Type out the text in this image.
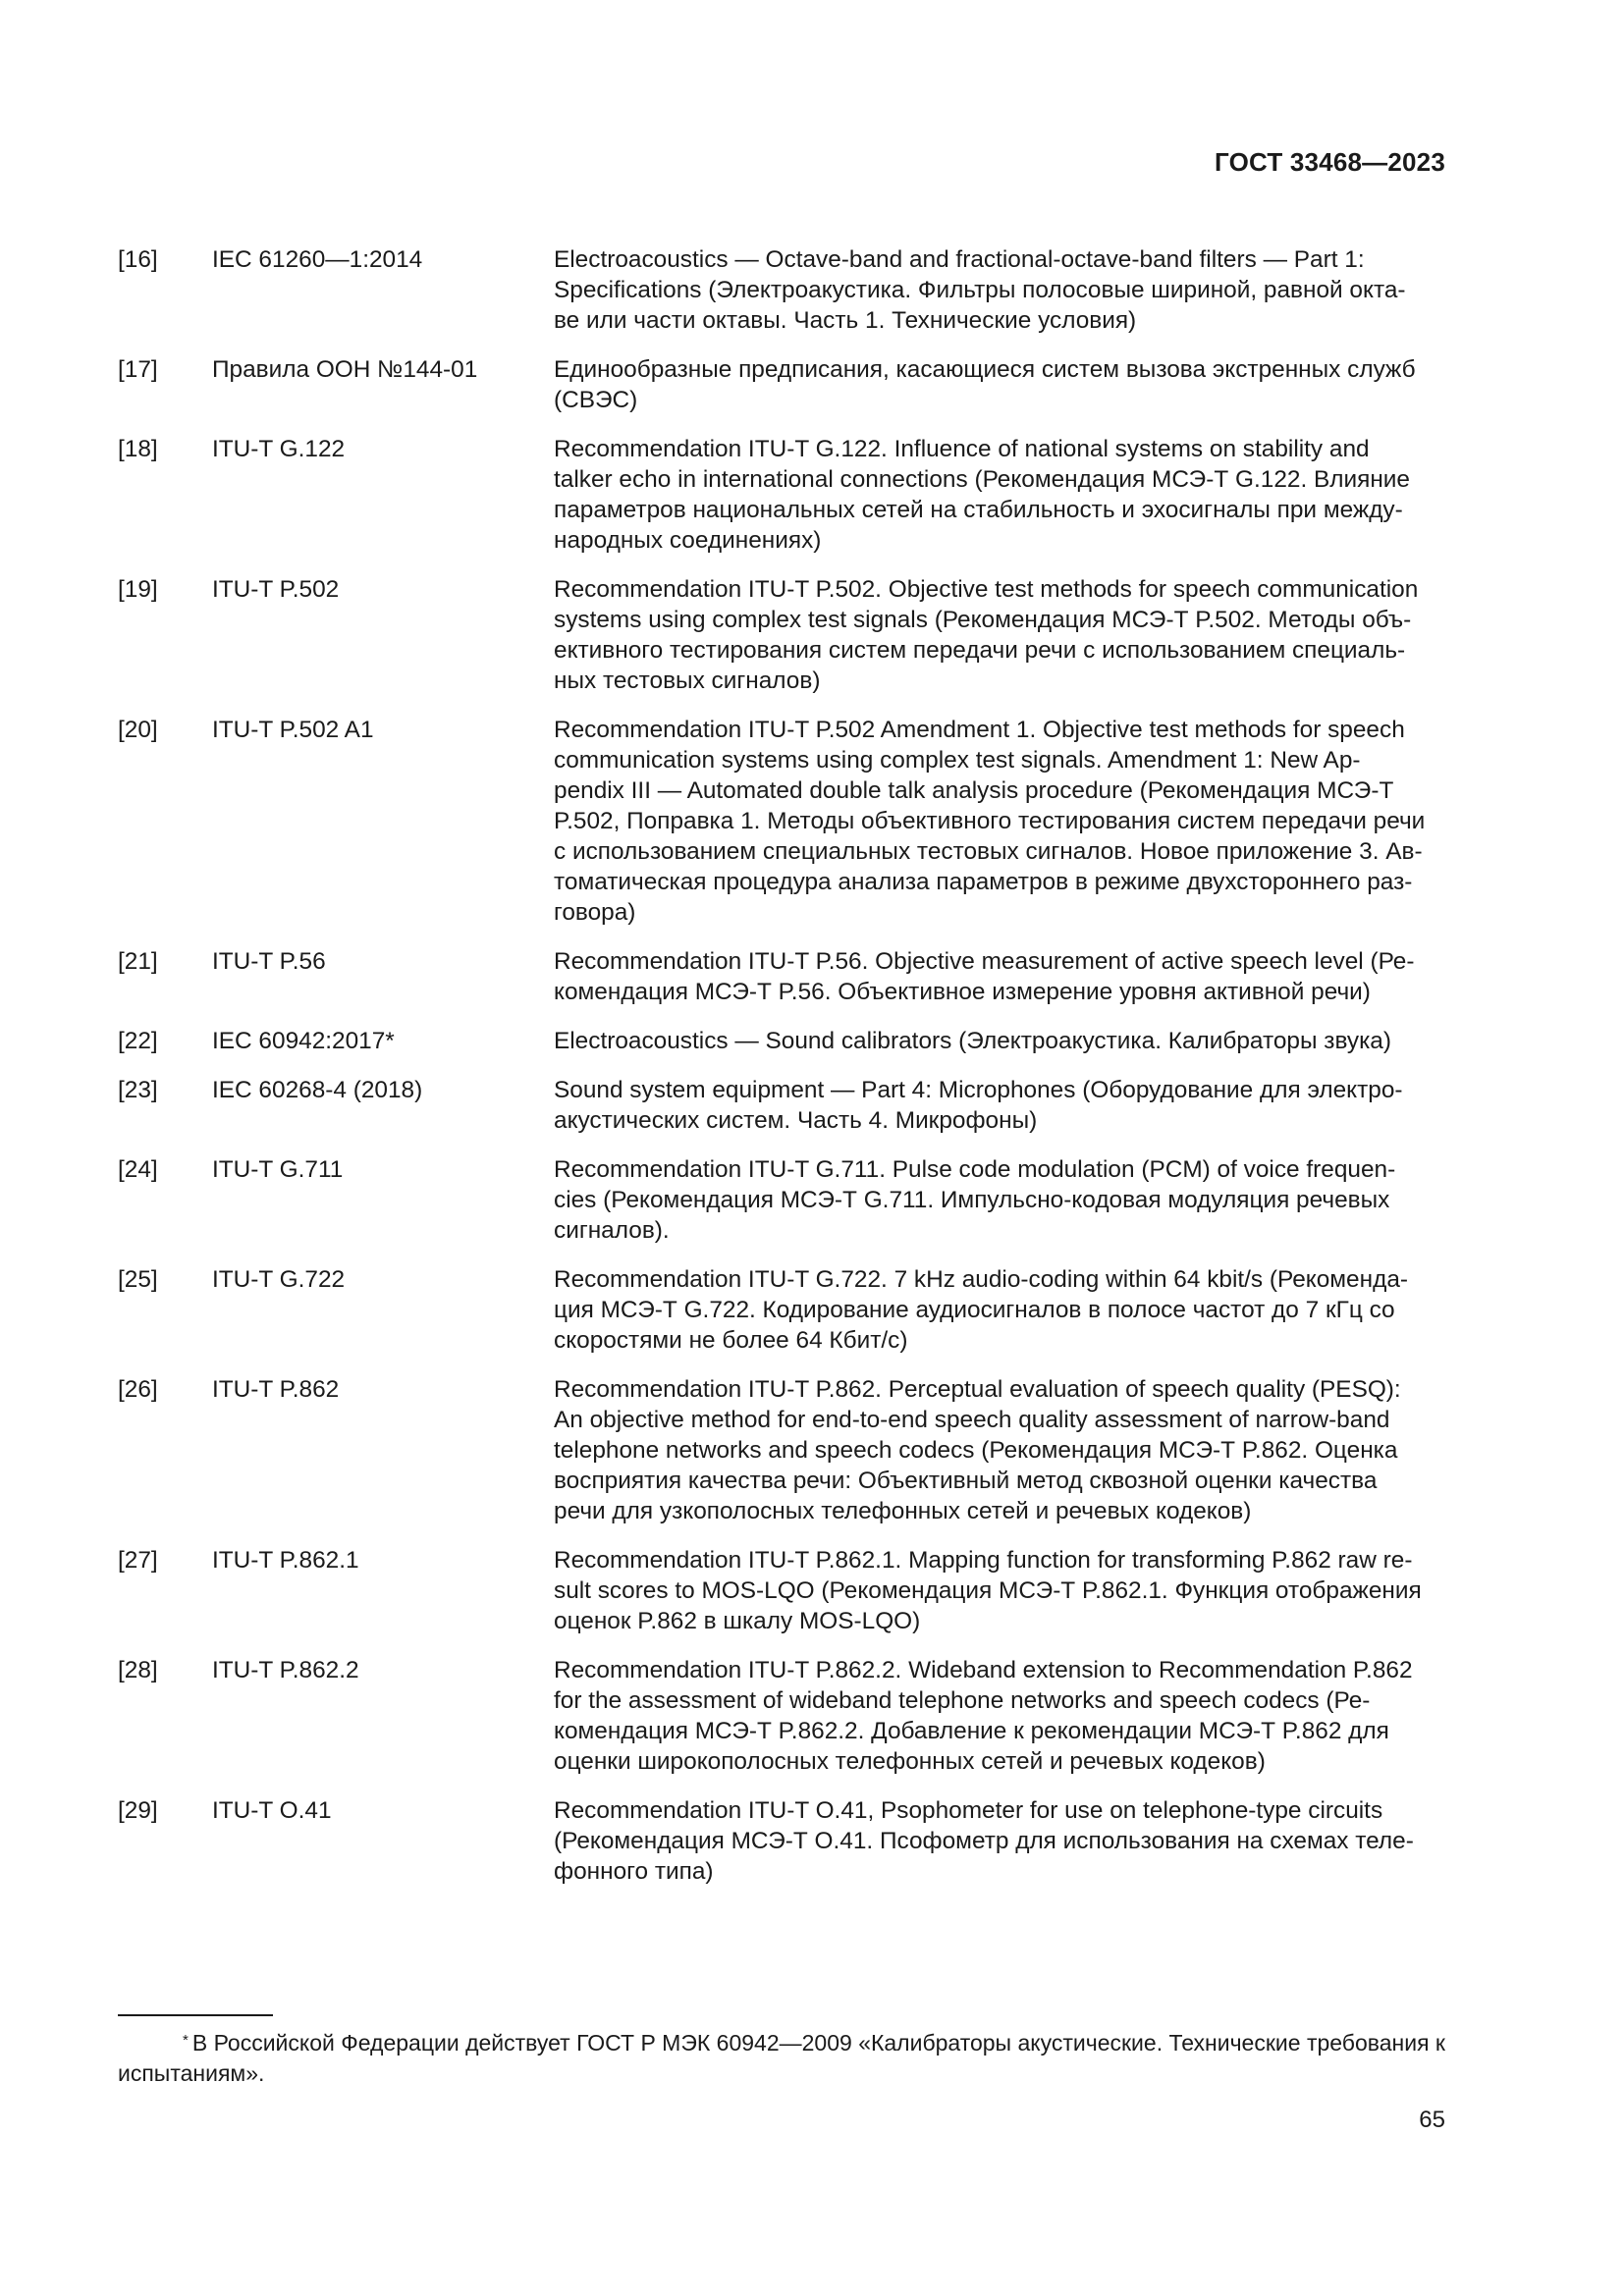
ГОСТ 33468—2023
[16]	IEC 61260—1:2014	Electroacoustics — Octave-band and fractional-octave-band filters — Part 1:
Specifications (Электроакустика. Фильтры полосовые шириной, равной окта-
ве или части октавы. Часть 1. Технические условия)
[17]	Правила ООН №144-01	Единообразные предписания, касающиеся систем вызова экстренных служб
(СВЭС)
[18]	ITU-T G.122	Recommendation ITU-T G.122. Influence of national systems on stability and
talker echo in international connections (Рекомендация МСЭ-Т G.122. Влияние
параметров национальных сетей на стабильность и эхосигналы при между-
народных соединениях)
[19]	ITU-T P.502	Recommendation ITU-T P.502. Objective test methods for speech communication
systems using complex test signals (Рекомендация МСЭ-Т P.502. Методы объ-
ективного тестирования систем передачи речи с использованием специаль-
ных тестовых сигналов)
[20]	ITU-T P.502 A1	Recommendation ITU-T P.502 Amendment 1. Objective test methods for speech
communication systems using complex test signals. Amendment 1: New Ap-
pendix III — Automated double talk analysis procedure (Рекомендация МСЭ-Т
P.502, Поправка 1. Методы объективного тестирования систем передачи речи
с использованием специальных тестовых сигналов. Новое приложение 3. Ав-
томатическая процедура анализа параметров в режиме двухстороннего раз-
говора)
[21]	ITU-T P.56	Recommendation ITU-T P.56. Objective measurement of active speech level (Ре-
комендация МСЭ-Т P.56. Объективное измерение уровня активной речи)
[22]	IEC 60942:2017*	Electroacoustics — Sound calibrators (Электроакустика. Калибраторы звука)
[23]	IEC 60268-4 (2018)	Sound system equipment — Part 4: Microphones (Оборудование для электро-
акустических систем. Часть 4. Микрофоны)
[24]	ITU-T G.711	Recommendation ITU-T G.711. Pulse code modulation (PCM) of voice frequen-
cies (Рекомендация МСЭ-Т G.711. Импульсно-кодовая модуляция речевых
сигналов).
[25]	ITU-T G.722	Recommendation ITU-T G.722. 7 kHz audio-coding within 64 kbit/s (Рекоменда-
ция МСЭ-Т G.722. Кодирование аудиосигналов в полосе частот до 7 кГц со
скоростями не более 64 Кбит/с)
[26]	ITU-T P.862	Recommendation ITU-T P.862. Perceptual evaluation of speech quality (PESQ):
An objective method for end-to-end speech quality assessment of narrow-band
telephone networks and speech codecs (Рекомендация МСЭ-Т P.862. Оценка
восприятия качества речи: Объективный метод сквозной оценки качества
речи для узкополосных телефонных сетей и речевых кодеков)
[27]	ITU-T P.862.1	Recommendation ITU-T P.862.1. Mapping function for transforming P.862 raw re-
sult scores to MOS-LQO (Рекомендация МСЭ-Т P.862.1. Функция отображения
оценок P.862 в шкалу MOS-LQO)
[28]	ITU-T P.862.2	Recommendation ITU-T P.862.2. Wideband extension to Recommendation P.862
for the assessment of wideband telephone networks and speech codecs (Ре-
комендация МСЭ-Т P.862.2. Добавление к рекомендации МСЭ-Т P.862 для
оценки широкополосных телефонных сетей и речевых кодеков)
[29]	ITU-T O.41	Recommendation ITU-T O.41, Psophometer for use on telephone-type circuits
(Рекомендация МСЭ-Т О.41. Псофометр для использования на схемах теле-
фонного типа)
* В Российской Федерации действует ГОСТ Р МЭК 60942—2009 «Калибраторы акустические. Технические требования к испытаниям».
65
